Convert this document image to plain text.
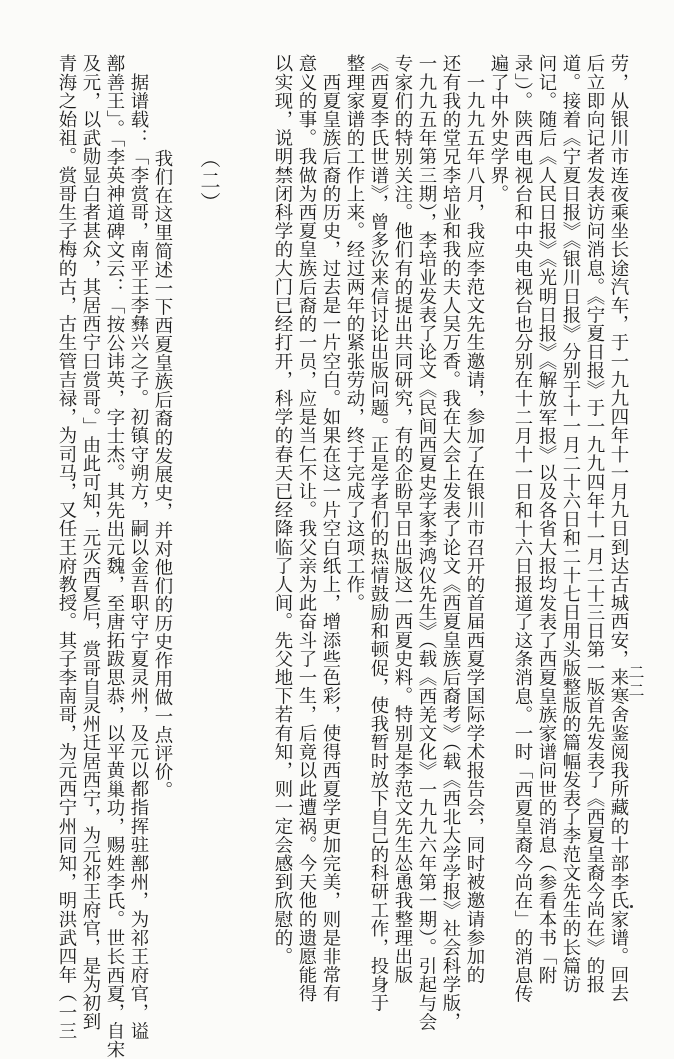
二二
劳，从银川市连夜乘坐长途汽车，于一九九四年十一月九日到达古城西安，来寒舍鉴阅我所藏的十部李氏家谱。回去
后立即向记者发表访问消息。《宁夏日报》于一九九四年十一月二十三日第一版首先发表了《西夏皇裔今尚在》的报
道。接着《宁夏日报》《银川日报》分别于十一月二十六日和二十七日用头版整版的篇幅发表了李范文先生的长篇访
问记。随后《人民日报》《光明日报》《解放军报》以及各省大报均发表了西夏皇族家谱问世的消息（参看本书「附
录」）。陕西电视台和中央电视台也分别在十二月十一日和十六日报道了这条消息。一时「西夏皇裔今尚在」的消息传
遍了中外史学界。
　一九九五年八月，我应李范文先生邀请，参加了在银川市召开的首届西夏学国际学术报告会，同时被邀请参加的
还有我的堂兄李培业和我的夫人吴万香。我在大会上发表了论文《西夏皇族后裔考》（载《西北大学学报》社会科学版，
一九九五年第三期），李培业发表了论文《民间西夏史学家李鸿仪先生》（载《西羌文化》一九九六年第一期）。引起与会
专家们的特别关注。他们有的提出共同研究，有的企盼早日出版这一西夏史料。特别是李范文先生怂恿我整理出版
《西夏李氏世谱》，曾多次来信讨论出版问题。正是学者们的热情鼓励和顿促，使我暂时放下自己的科研工作，投身于
整理家谱的工作上来。经过两年的紧张劳动，终于完成了这项工作。
　西夏皇族后裔的历史，过去是一片空白。如果在这一片空白纸上，增添些色彩，使得西夏学更加完美，则是非常有
意义的事。我做为西夏皇族后裔的一员，应是当仁不让。我父亲为此奋斗了一生，后竟以此遭祸。今天他的遗愿能得
以实现，说明禁闭科学的大门已经打开，科学的春天已经降临了人间。先父地下若有知，则一定会感到欣慰的。
（二）
　我们在这里简述一下西夏皇族后裔的发展史，并对他们的历史作用做一点评价。
　据谱载：「李赏哥，南平王李彝兴之子。初镇守朔方，嗣以金吾职守宁夏灵州，及元以都指挥驻鄯州，为祁王府官，谥
鄯善王」。「李英神道碑文云：「按公讳英，字士杰。其先出元魏，至唐拓跋思恭，以平黄巢功，赐姓李氏。世长西夏，自宋
及元，以武勋显白者甚众，其居西宁曰赏哥。」由此可知，元灭西夏后，赏哥自灵州迁居西宁，为元祁王府官，是为初到
青海之始祖。赏哥生子梅的古，古生管吉禄，为司马，又任王府教授。其子李南哥，为元西宁州同知，明洪武四年（一三
